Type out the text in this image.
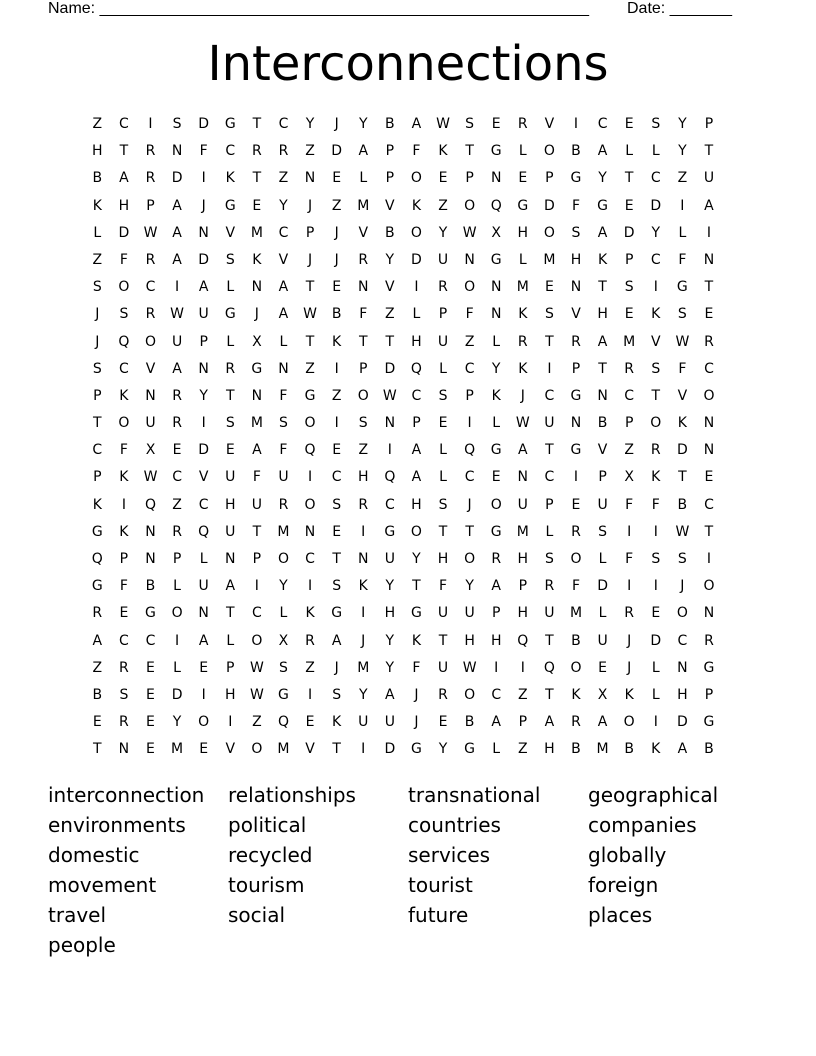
Name: _______________________________________________________ Date: _______
Interconnections
Z	C	I	S	D	G	T	C	Y	J	Y	B	A	W	S	E	R	V	I	C	E	S	Y	P
H	T	R	N	F	C	R	R	Z	D	A	P	F	K	T	G	L	O	B	A	L	L	Y	T
B	A	R	D	I	K	T	Z	N	E	L	P	O	E	P	N	E	P	G	Y	T	C	Z	U
K	H	P	A	J	G	E	Y	J	Z	M	V	K	Z	O	Q	G	D	F	G	E	D	I	A
L	D	W	A	N	V	M	C	P	J	V	B	O	Y	W	X	H	O	S	A	D	Y	L	I
Z	F	R	A	D	S	K	V	J	J	R	Y	D	U	N	G	L	M	H	K	P	C	F	N
S	O	C	I	A	L	N	A	T	E	N	V	I	R	O	N	M	E	N	T	S	I	G	T
J	S	R	W	U	G	J	A	W	B	F	Z	L	P	F	N	K	S	V	H	E	K	S	E
J	Q	O	U	P	L	X	L	T	K	T	T	H	U	Z	L	R	T	R	A	M	V	W	R
S	C	V	A	N	R	G	N	Z	I	P	D	Q	L	C	Y	K	I	P	T	R	S	F	C
P	K	N	R	Y	T	N	F	G	Z	O	W	C	S	P	K	J	C	G	N	C	T	V	O
T	O	U	R	I	S	M	S	O	I	S	N	P	E	I	L	W	U	N	B	P	O	K	N
C	F	X	E	D	E	A	F	Q	E	Z	I	A	L	Q	G	A	T	G	V	Z	R	D	N
P	K	W	C	V	U	F	U	I	C	H	Q	A	L	C	E	N	C	I	P	X	K	T	E
K	I	Q	Z	C	H	U	R	O	S	R	C	H	S	J	O	U	P	E	U	F	F	B	C
G	K	N	R	Q	U	T	M	N	E	I	G	O	T	T	G	M	L	R	S	I	I	W	T
Q	P	N	P	L	N	P	O	C	T	N	U	Y	H	O	R	H	S	O	L	F	S	S	I
G	F	B	L	U	A	I	Y	I	S	K	Y	T	F	Y	A	P	R	F	D	I	I	J	O
R	E	G	O	N	T	C	L	K	G	I	H	G	U	U	P	H	U	M	L	R	E	O	N
A	C	C	I	A	L	O	X	R	A	J	Y	K	T	H	H	Q	T	B	U	J	D	C	R
Z	R	E	L	E	P	W	S	Z	J	M	Y	F	U	W	I	I	Q	O	E	J	L	N	G
B	S	E	D	I	H	W	G	I	S	Y	A	J	R	O	C	Z	T	K	X	K	L	H	P
E	R	E	Y	O	I	Z	Q	E	K	U	U	J	E	B	A	P	A	R	A	O	I	D	G
T	N	E	M	E	V	O	M	V	T	I	D	G	Y	G	L	Z	H	B	M	B	K	A	B
interconnection	relationships	transnational	geographical
environments	political	countries	companies
domestic	recycled	services	globally
movement	tourism	tourist	foreign
travel	social	future	places
people
